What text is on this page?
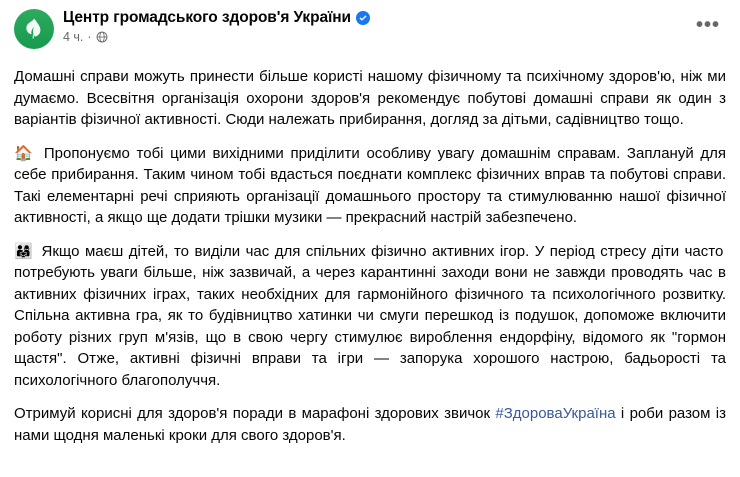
Центр громадського здоров'я України
4 ч. ·
•••

Домашні справи можуть принести більше користі нашому фізичному та психічному здоров'ю, ніж ми думаємо. Всесвітня організація охорони здоров'я рекомендує побутові домашні справи як один з варіантів фізичної активності. Сюди належать прибирання, догляд за дітьми, садівництво тощо.

🏠 Пропонуємо тобі цими вихідними приділити особливу увагу домашнім справам. Заплануй для себе прибирання. Таким чином тобі вдасться поєднати комплекс фізичних вправ та побутові справи. Такі елементарні речі сприяють організації домашнього простору та стимулюванню нашої фізичної активності, а якщо ще додати трішки музики — прекрасний настрій забезпечено.

👨‍👩‍👧 Якщо маєш дітей, то виділи час для спільних фізично активних ігор. У період стресу діти часто потребують уваги більше, ніж зазвичай, а через карантинні заходи вони не завжди проводять час в активних фізичних іграх, таких необхідних для гармонійного фізичного та психологічного розвитку. Спільна активна гра, як то будівництво хатинки чи смуги перешкод із подушок, допоможе включити роботу різних груп м'язів, що в свою чергу стимулює вироблення ендорфіну, відомого як "гормон щастя". Отже, активні фізичні вправи та ігри — запорука хорошого настрою, бадьорості та психологічного благополуччя.

Отримуй корисні для здоров'я поради в марафоні здорових звичок #ЗдороваУкраїна і роби разом із нами щодня маленькі кроки для свого здоров'я.
